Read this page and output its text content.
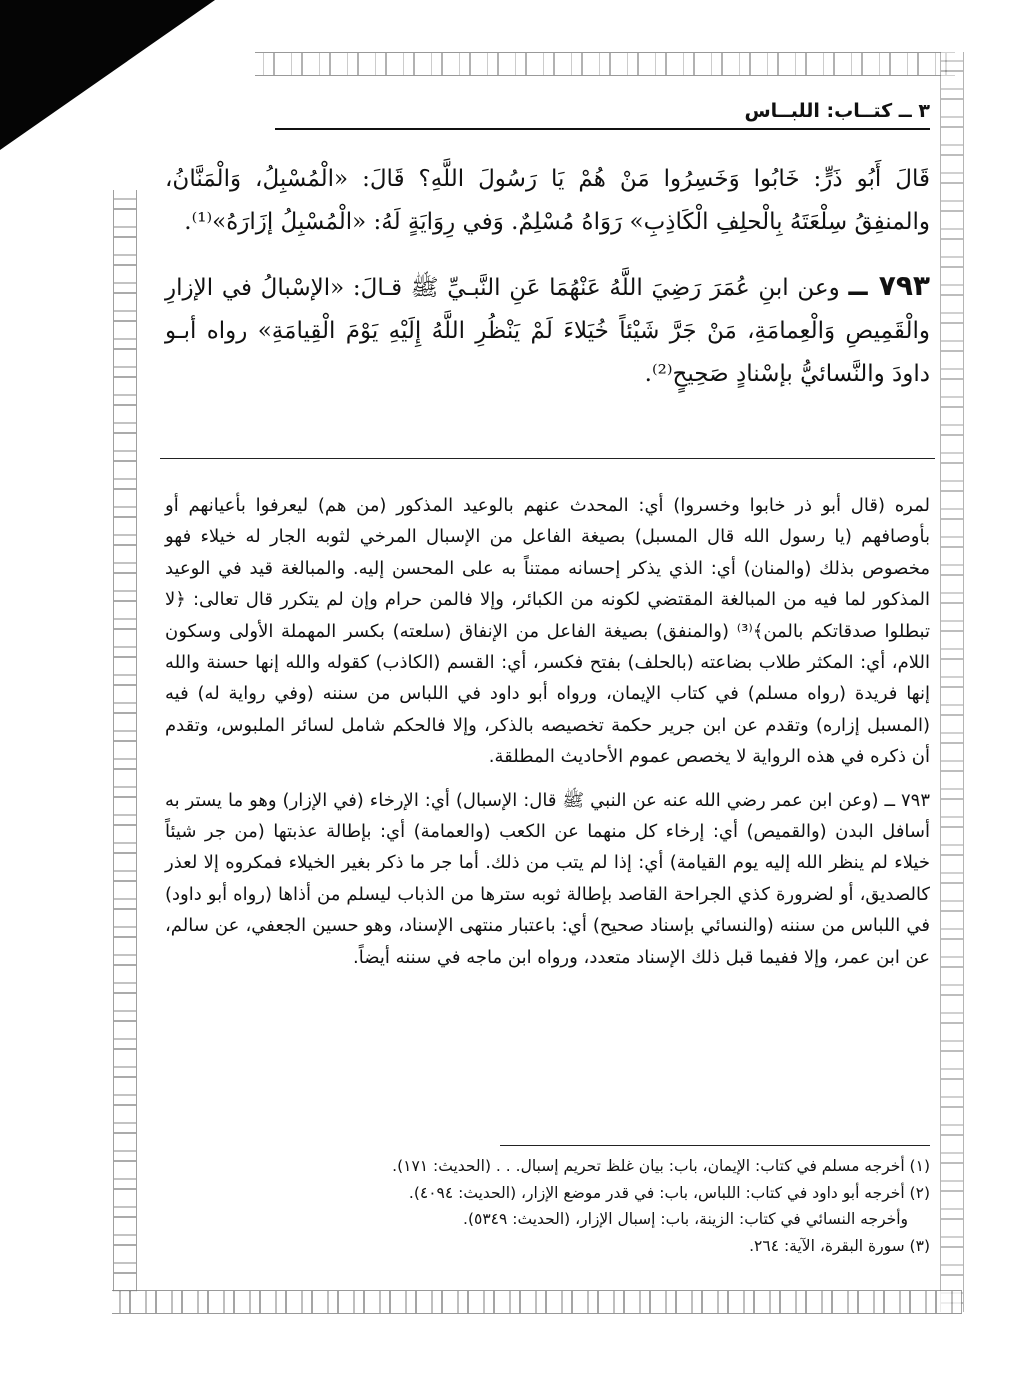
٣ ــ كتــاب: اللبــاس

قَالَ أَبُو ذَرٍّ: خَابُوا وَخَسِرُوا مَنْ هُمْ يَا رَسُولَ اللَّهِ؟ قَالَ: «الْمُسْبِلُ، وَالْمَنَّانُ، والمنفِقُ سِلْعَتَهُ بِالْحلِفِ الْكَاذِبِ» رَوَاهُ مُسْلِمٌ. وَفي رِوَايَةٍ لَهُ: «الْمُسْبِلُ إزَارَهُ»⁽¹⁾.

٧٩٣ ــ وعن ابنِ عُمَرَ رَضِيَ اللَّهُ عَنْهُمَا عَنِ النَّبـيِّ ﷺ قـالَ: «الإسْبالُ في الإزارِ والْقَمِيصِ وَالْعِمامَةِ، مَنْ جَرَّ شَيْئاً خُيَلاءَ لَمْ يَنْظُرِ اللَّهُ إِلَيْهِ يَوْمَ الْقِيامَةِ» رواه أبـو داودَ والنَّسائيُّ بإسْنادٍ صَحِيحٍ⁽²⁾.

لمره (قال أبو ذر خابوا وخسروا) أي: المحدث عنهم بالوعيد المذكور (من هم) ليعرفوا بأعيانهم أو بأوصافهم (يا رسول الله قال المسبل) بصيغة الفاعل من الإسبال المرخي لثوبه الجار له خيلاء فهو مخصوص بذلك (والمنان) أي: الذي يذكر إحسانه ممتناً به على المحسن إليه. والمبالغة قيد في الوعيد المذكور لما فيه من المبالغة المقتضي لكونه من الكبائر، وإلا فالمن حرام وإن لم يتكرر قال تعالى: ﴿لا تبطلوا صدقاتكم بالمن﴾⁽³⁾ (والمنفق) بصيغة الفاعل من الإنفاق (سلعته) بكسر المهملة الأولى وسكون اللام، أي: المكثر طلاب بضاعته (بالحلف) بفتح فكسر، أي: القسم (الكاذب) كقوله والله إنها حسنة والله إنها فريدة (رواه مسلم) في كتاب الإيمان، ورواه أبو داود في اللباس من سننه (وفي رواية له) فيه (المسبل إزاره) وتقدم عن ابن جرير حكمة تخصيصه بالذكر، وإلا فالحكم شامل لسائر الملبوس، وتقدم أن ذكره في هذه الرواية لا يخصص عموم الأحاديث المطلقة.

٧٩٣ ــ (وعن ابن عمر رضي الله عنه عن النبي ﷺ قال: الإسبال) أي: الإرخاء (في الإزار) وهو ما يستر به أسافل البدن (والقميص) أي: إرخاء كل منهما عن الكعب (والعمامة) أي: بإطالة عذبتها (من جر شيئاً خيلاء لم ينظر الله إليه يوم القيامة) أي: إذا لم يتب من ذلك. أما جر ما ذكر بغير الخيلاء فمكروه إلا لعذر كالصديق، أو لضرورة كذي الجراحة القاصد بإطالة ثوبه سترها من الذباب ليسلم من أذاها (رواه أبو داود) في اللباس من سننه (والنسائي بإسناد صحيح) أي: باعتبار منتهى الإسناد، وهو حسين الجعفي، عن سالم، عن ابن عمر، وإلا ففيما قبل ذلك الإسناد متعدد، ورواه ابن ماجه في سننه أيضاً.

(١) أخرجه مسلم في كتاب: الإيمان، باب: بيان غلظ تحريم إسبال. . . (الحديث: ١٧١).
(٢) أخرجه أبو داود في كتاب: اللباس، باب: في قدر موضع الإزار، (الحديث: ٤٠٩٤).
وأخرجه النسائي في كتاب: الزينة، باب: إسبال الإزار، (الحديث: ٥٣٤٩).
(٣) سورة البقرة، الآية: ٢٦٤.
